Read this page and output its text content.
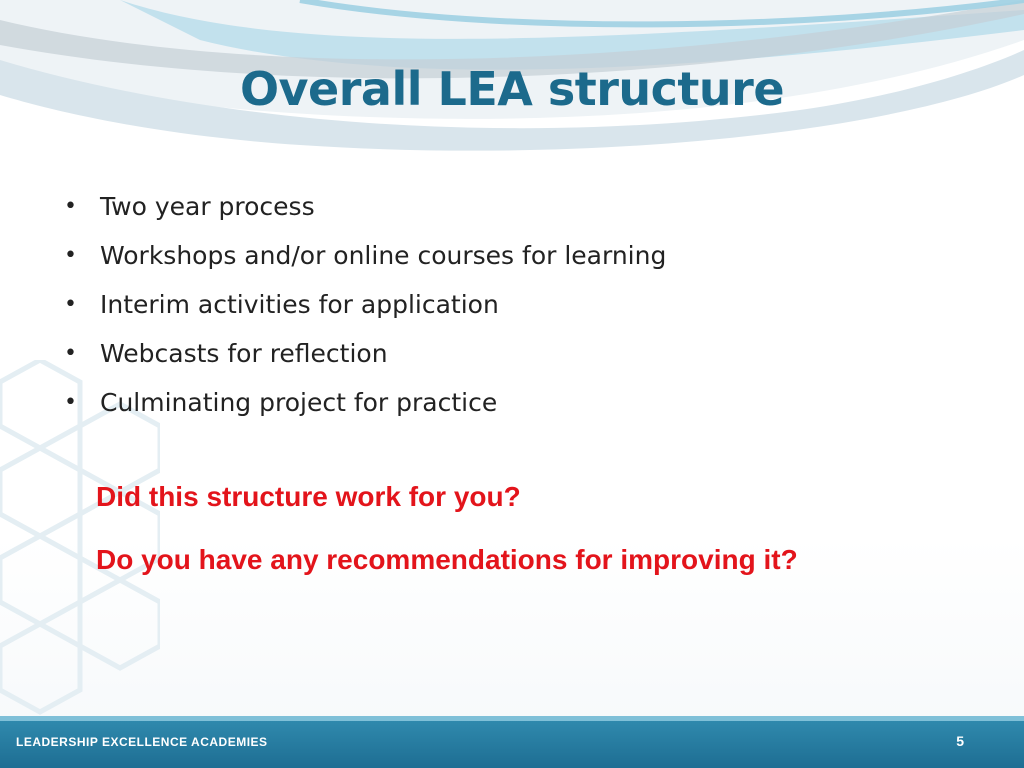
Overall LEA structure
• Two year process
• Workshops and/or online courses for learning
• Interim activities for application
• Webcasts for reflection
• Culminating project for practice

Did this structure work for you?

Do you have any recommendations for improving it?

LEADERSHIP EXCELLENCE ACADEMIES	5
